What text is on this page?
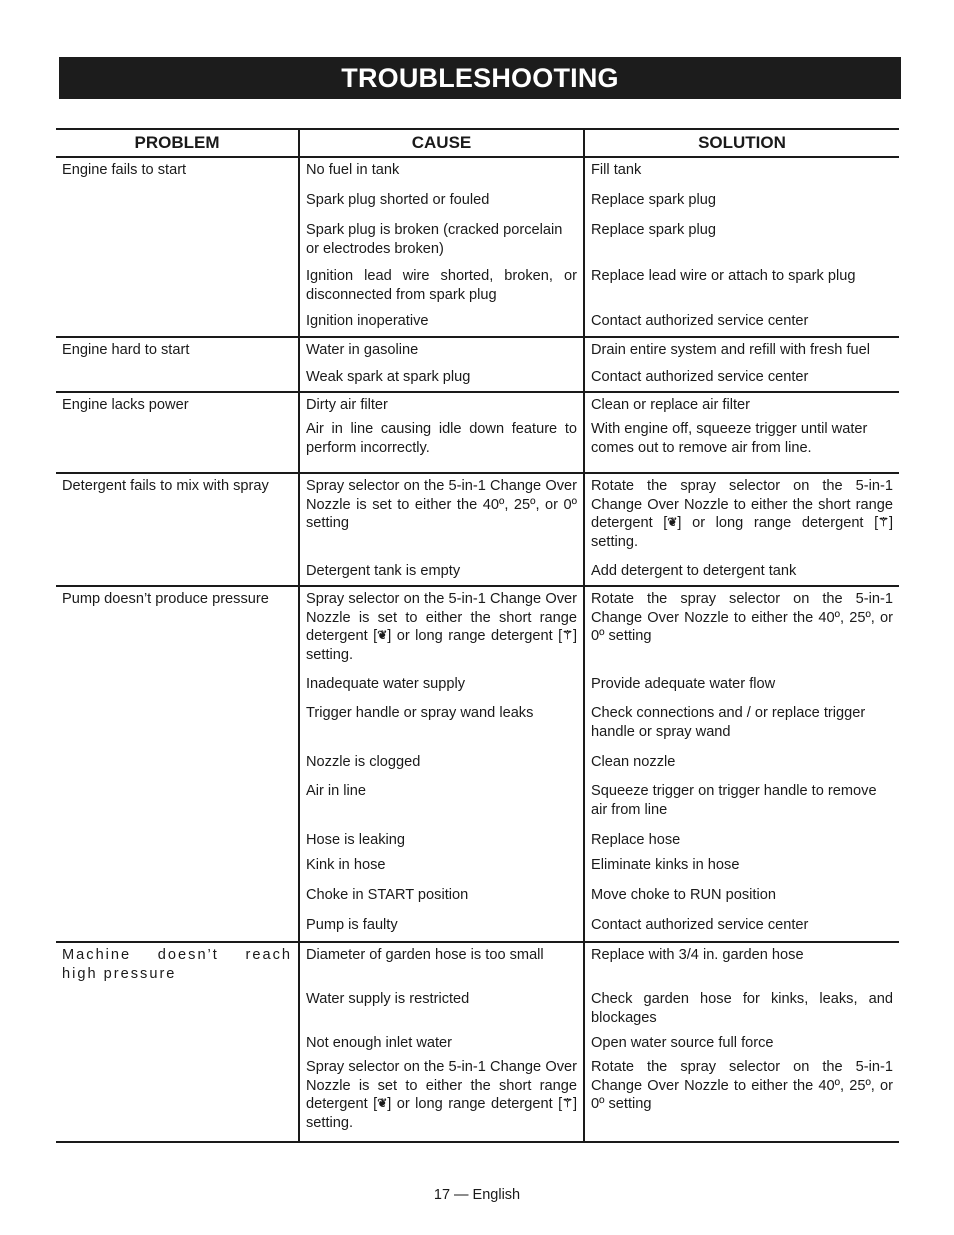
TROUBLESHOOTING
PROBLEM	CAUSE	SOLUTION
Engine fails to start	No fuel in tank	Fill tank
	Spark plug shorted or fouled	Replace spark plug
	Spark plug is broken (cracked porcelain or electrodes broken)	Replace spark plug
	Ignition lead wire shorted, broken, or disconnected from spark plug	Replace lead wire or attach to spark plug
	Ignition inoperative	Contact authorized service center
Engine hard to start	Water in gasoline	Drain entire system and refill with fresh fuel
	Weak spark at spark plug	Contact authorized service center
Engine lacks power	Dirty air filter	Clean or replace air filter
	Air in line causing idle down feature to perform incorrectly.	With engine off, squeeze trigger until water comes out to remove air from line.
Detergent fails to mix with spray	Spray selector on the 5-in-1 Change Over Nozzle is set to either the 40º, 25º, or 0º setting	Rotate the spray selector on the 5-in-1 Change Over Nozzle to either the short range detergent [❦] or long range detergent [⚚] setting.
	Detergent tank is empty	Add detergent to detergent tank
Pump doesn’t produce pressure	Spray selector on the 5-in-1 Change Over Nozzle is set to either the short range detergent [❦] or long range detergent [⚚] setting.	Rotate the spray selector on the 5-in-1 Change Over Nozzle to either the 40º, 25º, or 0º setting
	Inadequate water supply	Provide adequate water flow
	Trigger handle or spray wand leaks	Check connections and / or replace trigger handle or spray wand
	Nozzle is clogged	Clean nozzle
	Air in line	Squeeze trigger on trigger handle to remove air from line
	Hose is leaking	Replace hose
	Kink in hose	Eliminate kinks in hose
	Choke in START position	Move choke to RUN position
	Pump is faulty	Contact authorized service center
Machine doesn’t reach high pressure	Diameter of garden hose is too small	Replace with 3/4 in. garden hose
	Water supply is restricted	Check garden hose for kinks, leaks, and blockages
	Not enough inlet water	Open water source full force
	Spray selector on the 5-in-1 Change Over Nozzle is set to either the short range detergent [❦] or long range detergent [⚚] setting.	Rotate the spray selector on the 5-in-1 Change Over Nozzle to either the 40º, 25º, or 0º setting
17 — English
